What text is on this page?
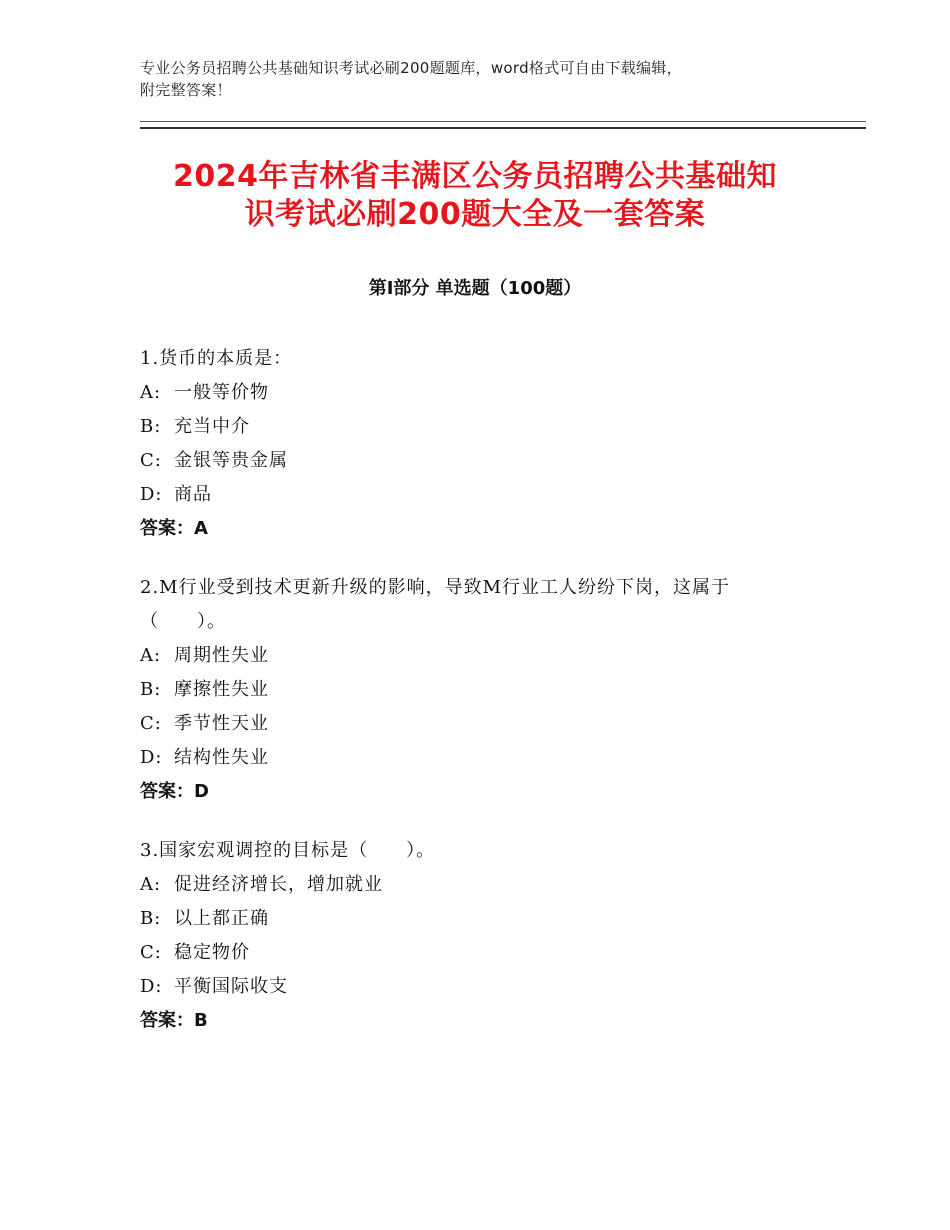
专业公务员招聘公共基础知识考试必刷200题题库，word格式可自由下载编辑，
附完整答案！
2024年吉林省丰满区公务员招聘公共基础知
识考试必刷200题大全及一套答案
第Ⅰ部分 单选题（100题）
1.货币的本质是：
A: 一般等价物
B: 充当中介
C: 金银等贵金属
D: 商品
答案：A
2.M行业受到技术更新升级的影响，导致M行业工人纷纷下岗，这属于
（　　）。
A: 周期性失业
B: 摩擦性失业
C: 季节性天业
D: 结构性失业
答案：D
3.国家宏观调控的目标是（　　）。
A: 促进经济增长，增加就业
B: 以上都正确
C: 稳定物价
D: 平衡国际收支
答案：B
